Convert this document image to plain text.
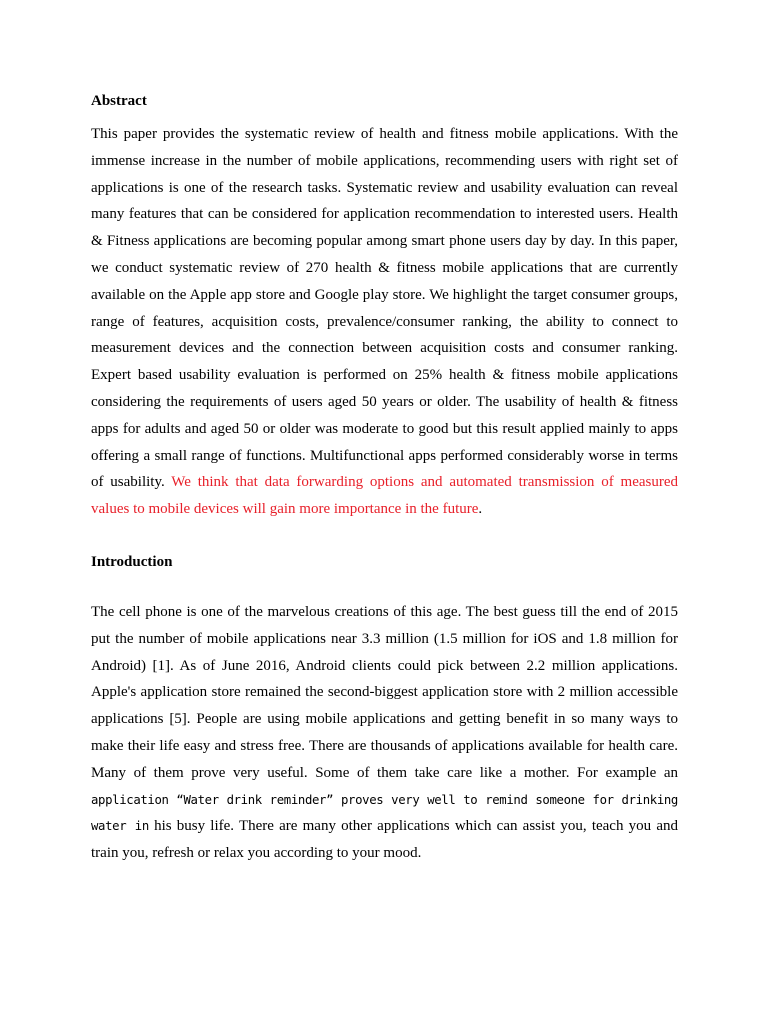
Abstract

This paper provides the systematic review of health and fitness mobile applications. With the immense increase in the number of mobile applications, recommending users with right set of applications is one of the research tasks. Systematic review and usability evaluation can reveal many features that can be considered for application recommendation to interested users. Health & Fitness applications are becoming popular among smart phone users day by day. In this paper, we conduct systematic review of 270 health & fitness mobile applications that are currently available on the Apple app store and Google play store. We highlight the target consumer groups, range of features, acquisition costs, prevalence/consumer ranking, the ability to connect to measurement devices and the connection between acquisition costs and consumer ranking. Expert based usability evaluation is performed on 25% health & fitness mobile applications considering the requirements of users aged 50 years or older. The usability of health & fitness apps for adults and aged 50 or older was moderate to good but this result applied mainly to apps offering a small range of functions. Multifunctional apps performed considerably worse in terms of usability. We think that data forwarding options and automated transmission of measured values to mobile devices will gain more importance in the future.

Introduction

The cell phone is one of the marvelous creations of this age. The best guess till the end of 2015 put the number of mobile applications near 3.3 million (1.5 million for iOS and 1.8 million for Android) [1]. As of June 2016, Android clients could pick between 2.2 million applications. Apple's application store remained the second-biggest application store with 2 million accessible applications [5]. People are using mobile applications and getting benefit in so many ways to make their life easy and stress free. There are thousands of applications available for health care. Many of them prove very useful. Some of them take care like a mother. For example an application “Water drink reminder” proves very well to remind someone for drinking water in his busy life. There are many other applications which can assist you, teach you and train you, refresh or relax you according to your mood.
